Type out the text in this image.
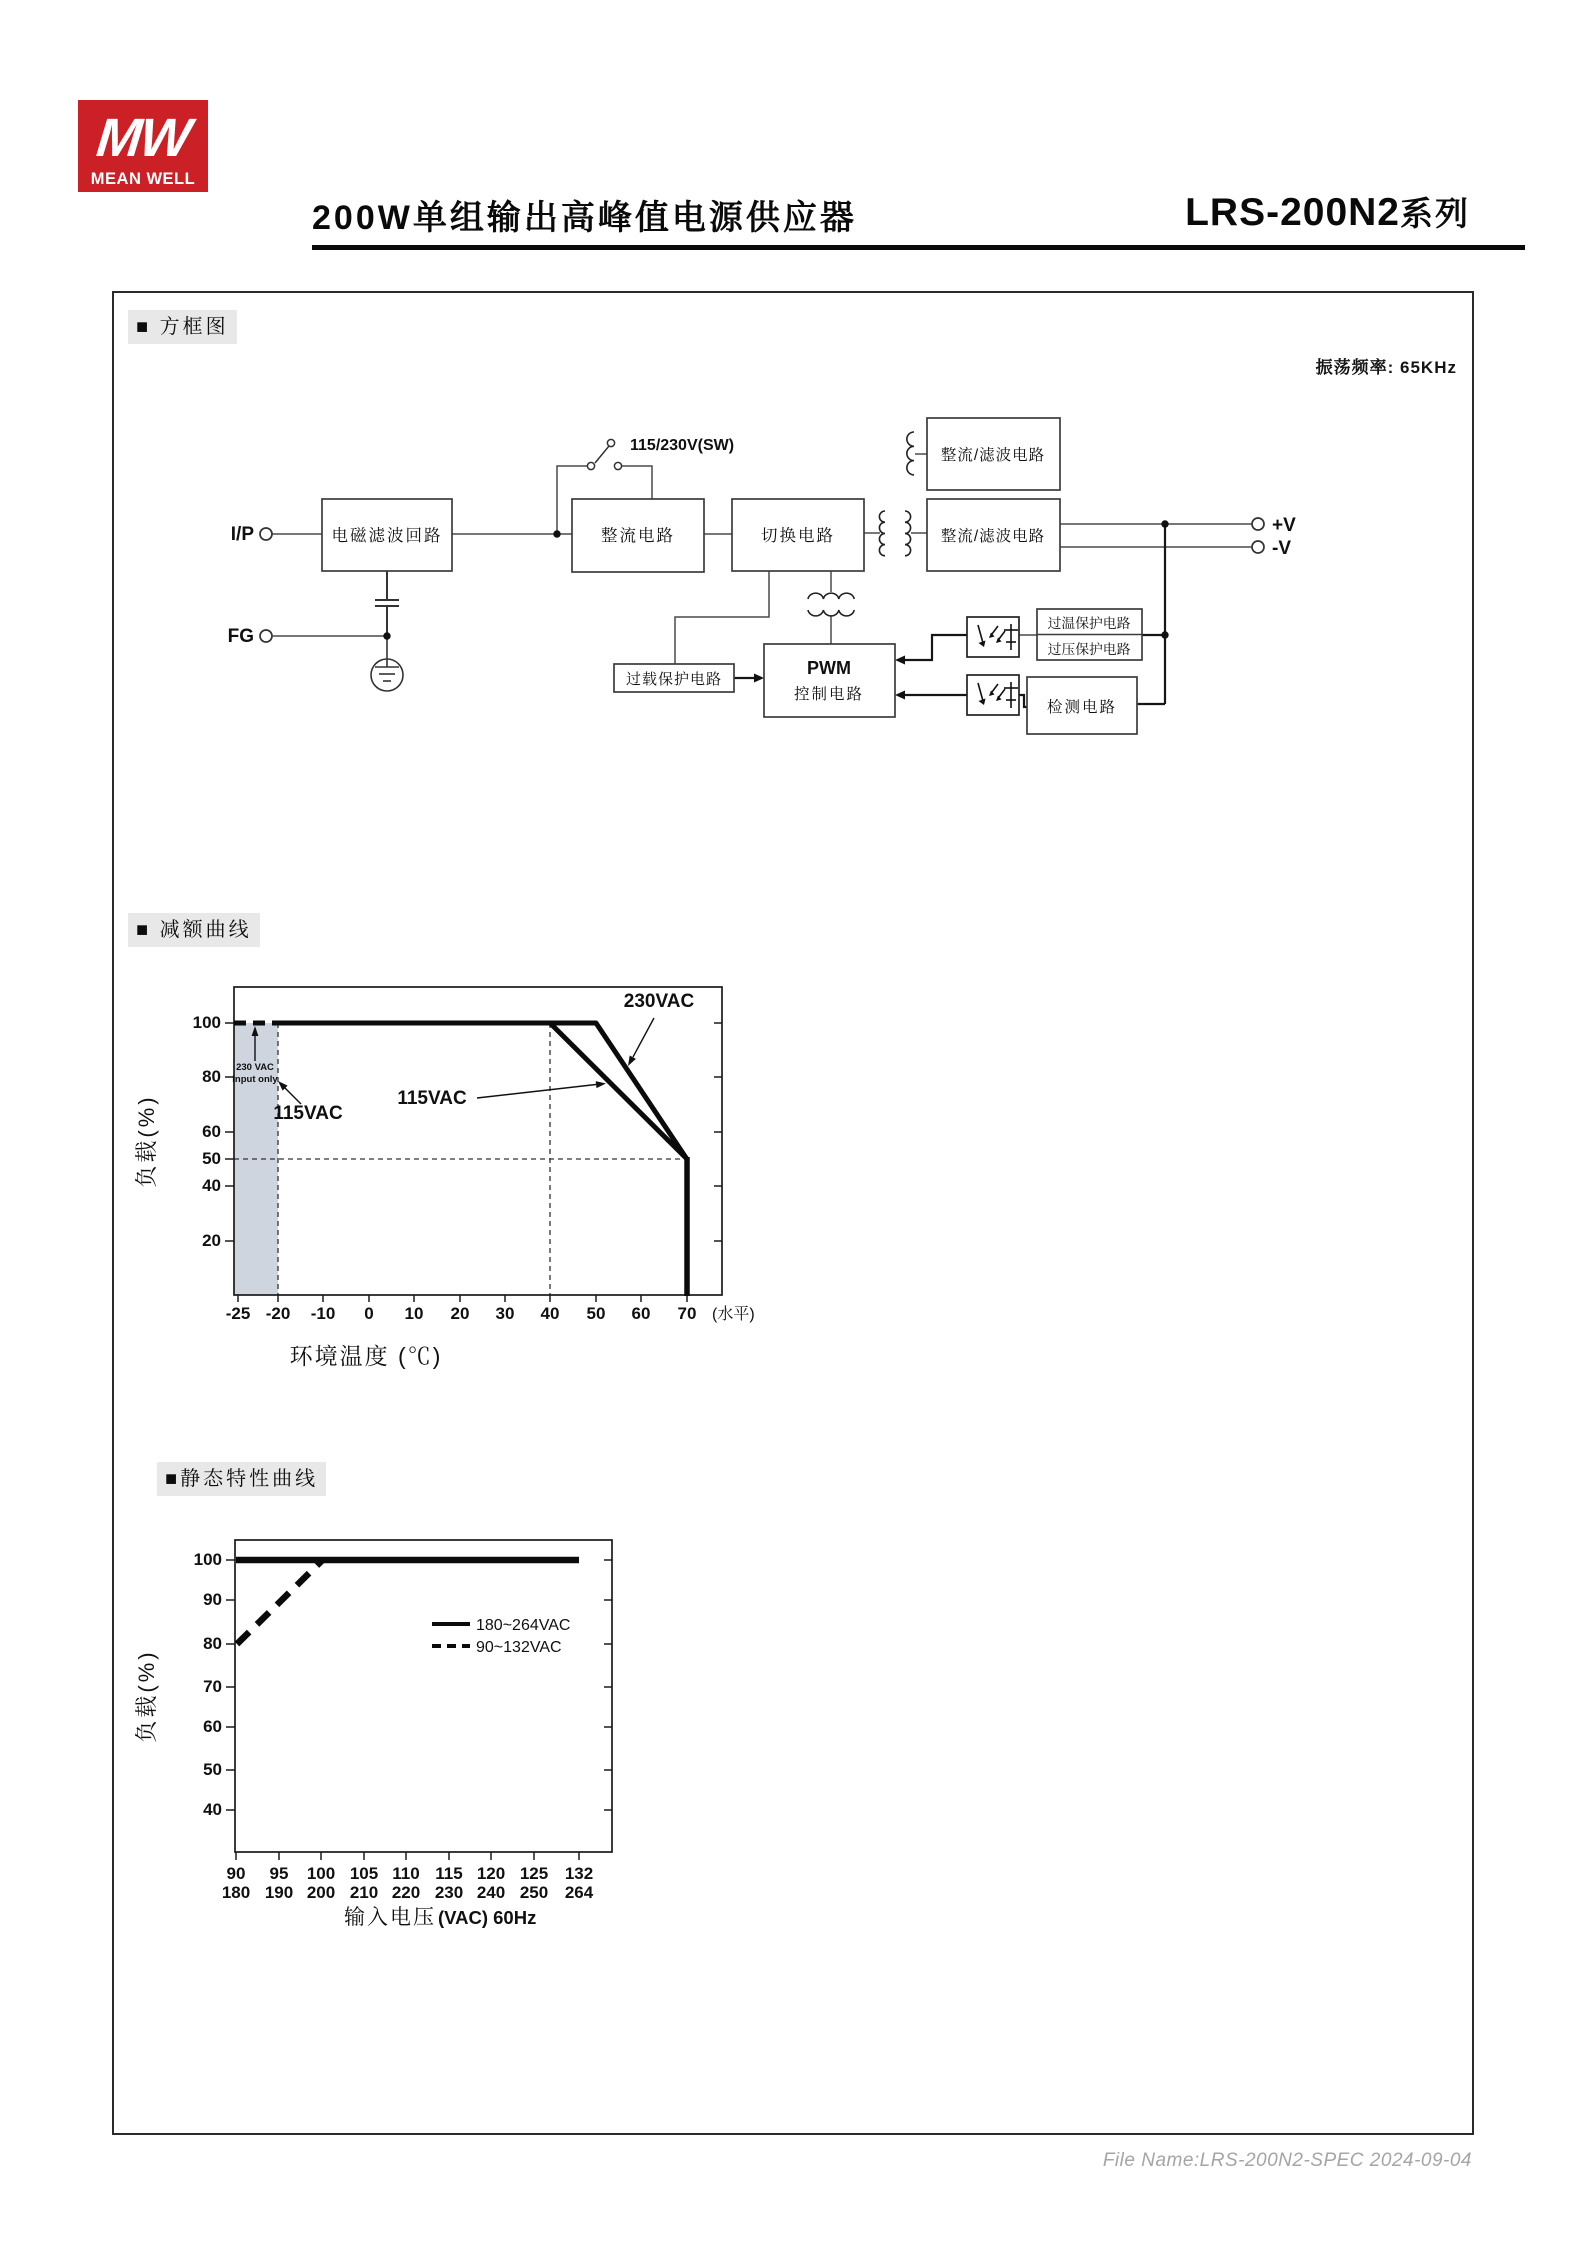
MW
MEAN WELL
200W单组输出高峰值电源供应器	LRS-200N2系列
■ 方框图
振荡频率: 65KHz
■ 减额曲线
■静态特性曲线
I/P
FG
115/230V(SW)
电磁滤波回路	整流电路	切换电路
整流/滤波电路
整流/滤波电路
过温保护电路
过压保护电路
检测电路
过载保护电路
PWM
控制电路
+V
-V
100
80
60
50
40
20
-25 -20 -10 0 10 20 30 40 50 60 70 (水平)
230 VAC
Input only
115VAC
115VAC
230VAC
负载(%)
环境温度 (℃)
100
90
80
70
60
50
40
90 95 100 105 110 115 120 125 132
180 190 200 210 220 230 240 250 264
180~264VAC
90~132VAC
负载(%)
输入电压 (VAC) 60Hz
File Name:LRS-200N2-SPEC 2024-09-04
